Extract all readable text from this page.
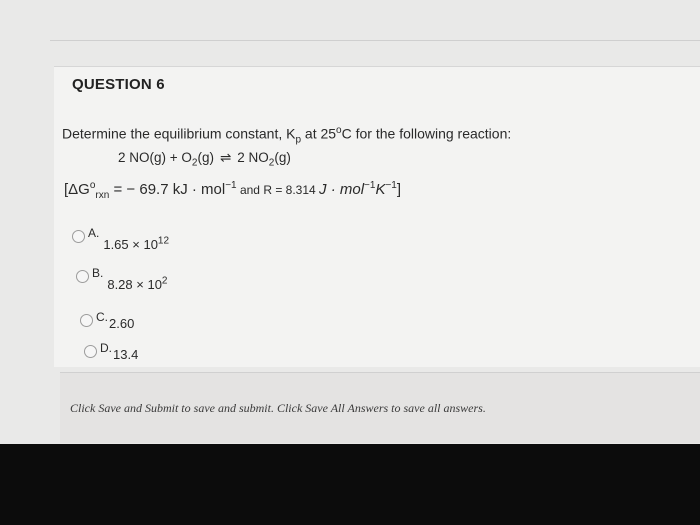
QUESTION 6
Determine the equilibrium constant, $K_p$ at 25$^o$C for the following reaction:
2 $NO(g) + O_2(g)$ ⇌ 2 $NO_2(g)$
[$\Delta G^o_{rxn}$ = − 69.7 kJ · mol$^{-1}$ and R = 8.314 $J \cdot mol^{-1}K^{-1}$]
$^{A.}_{1.65 \times 10^{12}}$
$^{B.}_{8.28 \times 10^2}$
$^{C.}$2.60
$^{D.}$13.4
Click Save and Submit to save and submit. Click Save All Answers to save all answers.
